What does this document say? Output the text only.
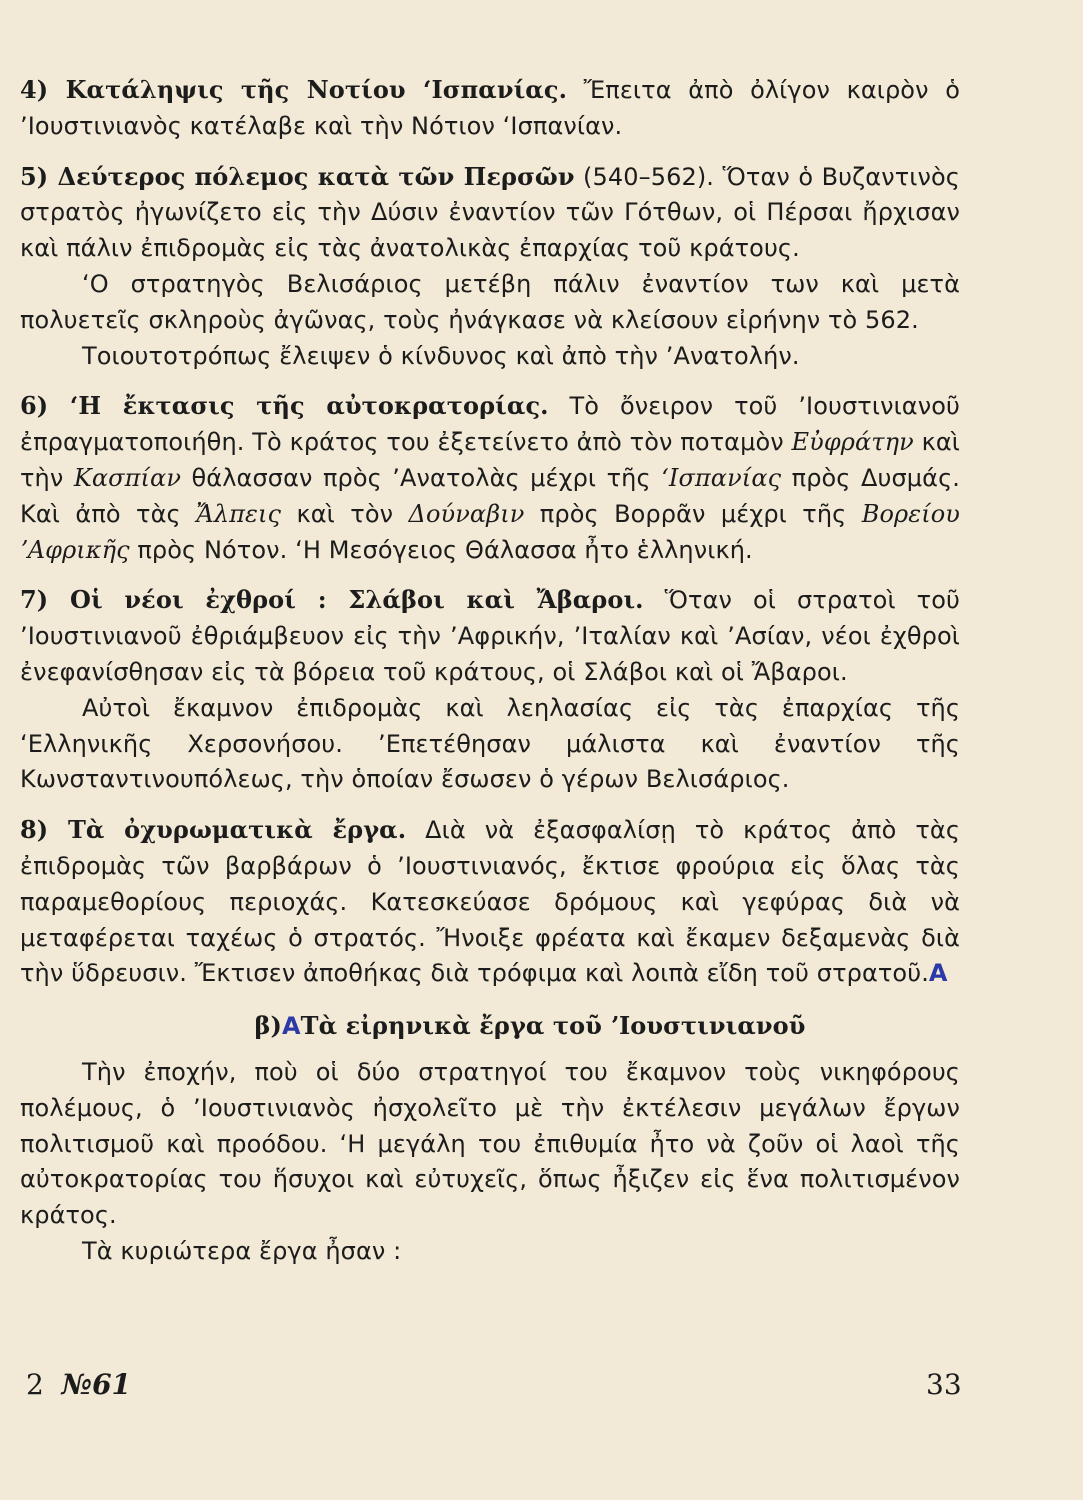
4) Κατάληψις τῆς Νοτίου ʻΙσπανίας. Ἔπειτα ἀπὸ ὀλίγον καιρὸν ὁ ʼΙουστινιανὸς κατέλαβε καὶ τὴν Νότιον ʻΙσπανίαν.

5) Δεύτερος πόλεμος κατὰ τῶν Περσῶν (540–562). Ὅταν ὁ Βυζαντινὸς στρατὸς ἠγωνίζετο εἰς τὴν Δύσιν ἐναντίον τῶν Γότθων, οἱ Πέρσαι ἤρχισαν καὶ πάλιν ἐπιδρομὰς εἰς τὰς ἀνατολικὰς ἐπαρχίας τοῦ κράτους.

ʻΟ στρατηγὸς Βελισάριος μετέβη πάλιν ἐναντίον των καὶ μετὰ πολυετεῖς σκληροὺς ἀγῶνας, τοὺς ἠνάγκασε νὰ κλείσουν εἰρήνην τὸ 562.

Τοιουτοτρόπως ἔλειψεν ὁ κίνδυνος καὶ ἀπὸ τὴν ʼΑνατολήν.

6) ʻΗ ἔκτασις τῆς αὐτοκρατορίας. Τὸ ὄνειρον τοῦ ʼΙουστινιανοῦ ἐπραγματοποιήθη. Τὸ κράτος του ἐξετείνετο ἀπὸ τὸν ποταμὸν Εὐφράτην καὶ τὴν Κασπίαν θάλασσαν πρὸς ʼΑνατολὰς μέχρι τῆς ʻΙσπανίας πρὸς Δυσμάς. Καὶ ἀπὸ τὰς Ἄλπεις καὶ τὸν Δούναβιν πρὸς Βορρᾶν μέχρι τῆς Βορείου ʼΑφρικῆς πρὸς Νότον. ʻΗ Μεσόγειος Θάλασσα ἦτο ἑλληνική.

7) Οἱ νέοι ἐχθροί : Σλάβοι καὶ Ἄβαροι. Ὅταν οἱ στρατοὶ τοῦ ʼΙουστινιανοῦ ἐθριάμβευον εἰς τὴν ʼΑφρικήν, ʼΙταλίαν καὶ ʼΑσίαν, νέοι ἐχθροὶ ἐνεφανίσθησαν εἰς τὰ βόρεια τοῦ κράτους, οἱ Σλάβοι καὶ οἱ Ἄβαροι.

Αὐτοὶ ἔκαμνον ἐπιδρομὰς καὶ λεηλασίας εἰς τὰς ἐπαρχίας τῆς ʻΕλληνικῆς Χερσονήσου. ʼΕπετέθησαν μάλιστα καὶ ἐναντίον τῆς Κωνσταντινουπόλεως, τὴν ὁποίαν ἔσωσεν ὁ γέρων Βελισάριος.

8) Τὰ ὀχυρωματικὰ ἔργα. Διὰ νὰ ἐξασφαλίσῃ τὸ κράτος ἀπὸ τὰς ἐπιδρομὰς τῶν βαρβάρων ὁ ʼΙουστινιανός, ἔκτισε φρούρια εἰς ὅλας τὰς παραμεθορίους περιοχάς. Κατεσκεύασε δρόμους καὶ γεφύρας διὰ νὰ μεταφέρεται ταχέως ὁ στρατός. Ἤνοιξε φρέατα καὶ ἔκαμεν δεξαμενὰς διὰ τὴν ὕδρευσιν. Ἔκτισεν ἀποθήκας διὰ τρόφιμα καὶ λοιπὰ εἴδη τοῦ στρατοῦ.Α

β)ΑΤὰ εἰρηνικὰ ἔργα τοῦ ʼΙουστινιανοῦ

Τὴν ἐποχήν, ποὺ οἱ δύο στρατηγοί του ἔκαμνον τοὺς νικηφόρους πολέμους, ὁ ʼΙουστινιανὸς ἠσχολεῖτο μὲ τὴν ἐκτέλεσιν μεγάλων ἔργων πολιτισμοῦ καὶ προόδου. ʻΗ μεγάλη του ἐπιθυμία ἦτο νὰ ζοῦν οἱ λαοὶ τῆς αὐτοκρατορίας του ἥσυχοι καὶ εὐτυχεῖς, ὅπως ἦξιζεν εἰς ἕνα πολιτισμένον κράτος.

Τὰ κυριώτερα ἔργα ἦσαν :

2 №61	33
